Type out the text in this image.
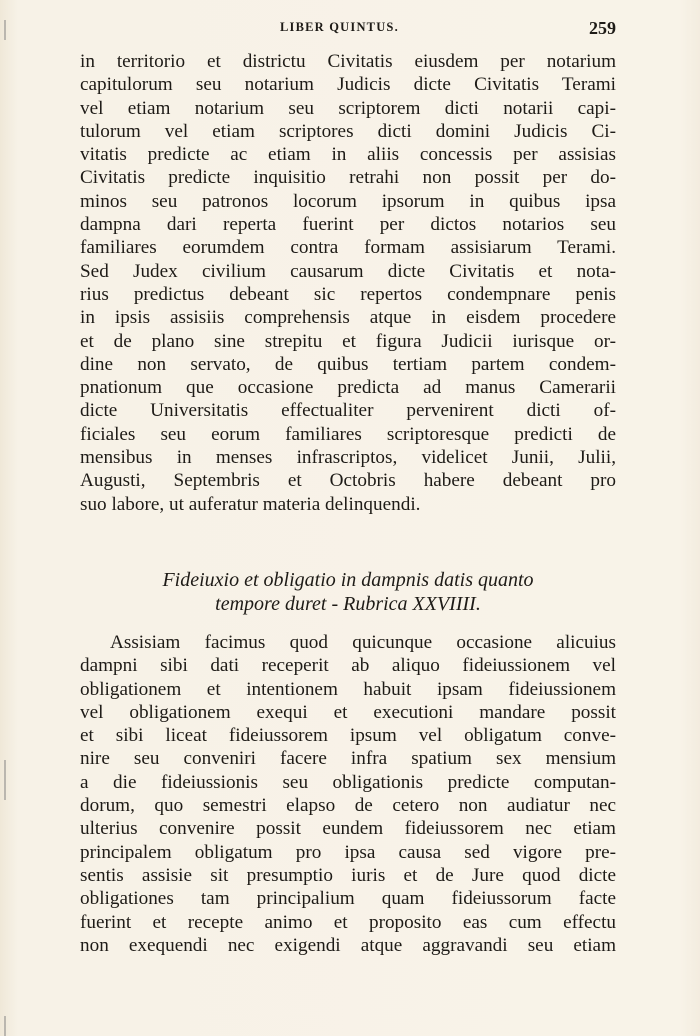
LIBER QUINTUS.	259
in territorio et districtu Civitatis eiusdem per notarium
capitulorum seu notarium Judicis dicte Civitatis Terami
vel etiam notarium seu scriptorem dicti notarii capi-
tulorum vel etiam scriptores dicti domini Judicis Ci-
vitatis predicte ac etiam in aliis concessis per assisias
Civitatis predicte inquisitio retrahi non possit per do-
minos seu patronos locorum ipsorum in quibus ipsa
dampna dari reperta fuerint per dictos notarios seu
familiares eorumdem contra formam assisiarum Terami.
Sed Judex civilium causarum dicte Civitatis et nota-
rius predictus debeant sic repertos condempnare penis
in ipsis assisiis comprehensis atque in eisdem procedere
et de plano sine strepitu et figura Judicii iurisque or-
dine non servato, de quibus tertiam partem condem-
pnationum que occasione predicta ad manus Camerarii
dicte Universitatis effectualiter pervenirent dicti of-
ficiales seu eorum familiares scriptoresque predicti de
mensibus in menses infrascriptos, videlicet Junii, Julii,
Augusti, Septembris et Octobris habere debeant pro
suo labore, ut auferatur materia delinquendi.
Fideiuxio et obligatio in dampnis datis quanto
tempore duret - Rubrica XXVIIII.
Assisiam facimus quod quicunque occasione alicuius
dampni sibi dati receperit ab aliquo fideiussionem vel
obligationem et intentionem habuit ipsam fideiussionem
vel obligationem exequi et executioni mandare possit
et sibi liceat fideiussorem ipsum vel obligatum conve-
nire seu conveniri facere infra spatium sex mensium
a die fideiussionis seu obligationis predicte computan-
dorum, quo semestri elapso de cetero non audiatur nec
ulterius convenire possit eundem fideiussorem nec etiam
principalem obligatum pro ipsa causa sed vigore pre-
sentis assisie sit presumptio iuris et de Jure quod dicte
obligationes tam principalium quam fideiussorum facte
fuerint et recepte animo et proposito eas cum effectu
non exequendi nec exigendi atque aggravandi seu etiam
